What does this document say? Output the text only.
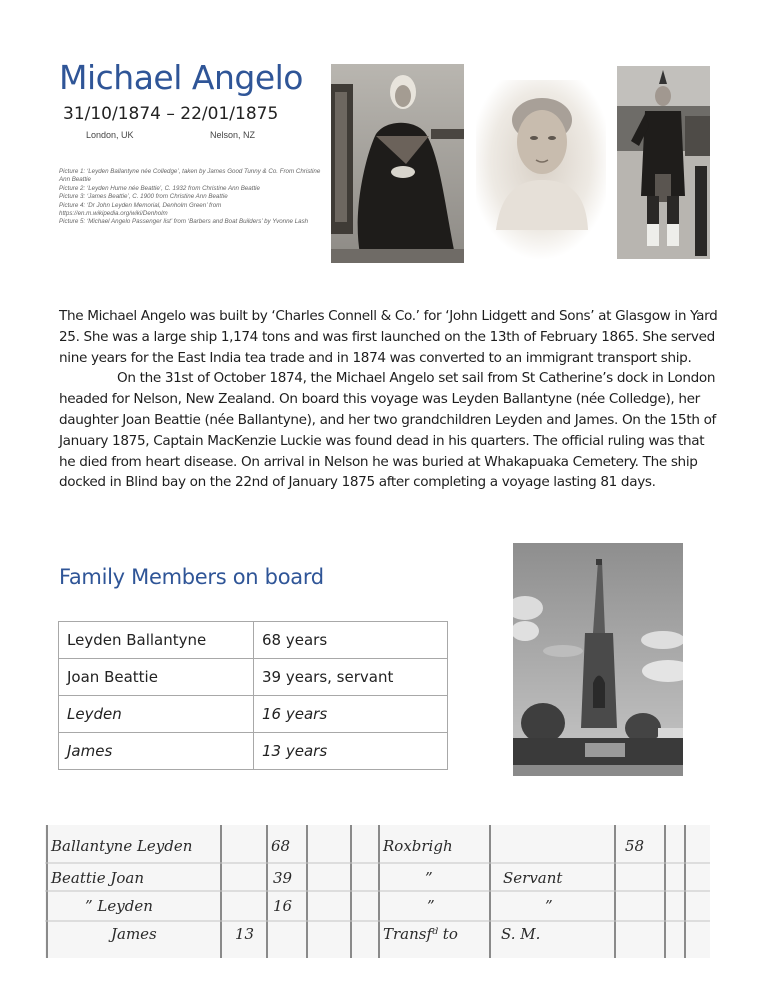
Michael Angelo
31/10/1874 – 22/01/1875
London, UK	Nelson, NZ
Picture 1: ‘Leyden Ballantyne née Colledge’, taken by James Good Tunny & Co. From Christine Ann Beattie
Picture 2: ‘Leyden Hume née Beattie’, C. 1932 from Christine Ann Beattie
Picture 3: ‘James Beattie’, C. 1900 from Christine Ann Beattie
Picture 4: ‘Dr John Leyden Memorial, Denholm Green’ from https://en.m.wikipedia.org/wiki/Denholm
Picture 5: ‘Michael Angelo Passenger list’ from ‘Barbers and Boat Builders’ by Yvonne Lash

The Michael Angelo was built by ‘Charles Connell & Co.’ for ‘John Lidgett and Sons’ at Glasgow in Yard 25. She was a large ship 1,174 tons and was first launched on the 13th of February 1865. She served nine years for the East India tea trade and in 1874 was converted to an immigrant transport ship.

On the 31st of October 1874, the Michael Angelo set sail from St Catherine’s dock in London headed for Nelson, New Zealand. On board this voyage was Leyden Ballantyne (née Colledge), her daughter Joan Beattie (née Ballantyne), and her two grandchildren Leyden and James. On the 15th of January 1875, Captain MacKenzie Luckie was found dead in his quarters. The official ruling was that he died from heart disease. On arrival in Nelson he was buried at Whakapuaka Cemetery. The ship docked in Blind bay on the 22nd of January 1875 after completing a voyage lasting 81 days.

Family Members on board
Leyden Ballantyne	68 years
Joan Beattie	39 years, servant
Leyden	16 years
James	13 years
Ballantyne Leyden	68	Roxbrigh	58
Beattie Joan	39	”	Servant
” Leyden	16	”	”
James	13	Transfᵈ to	S. M.
